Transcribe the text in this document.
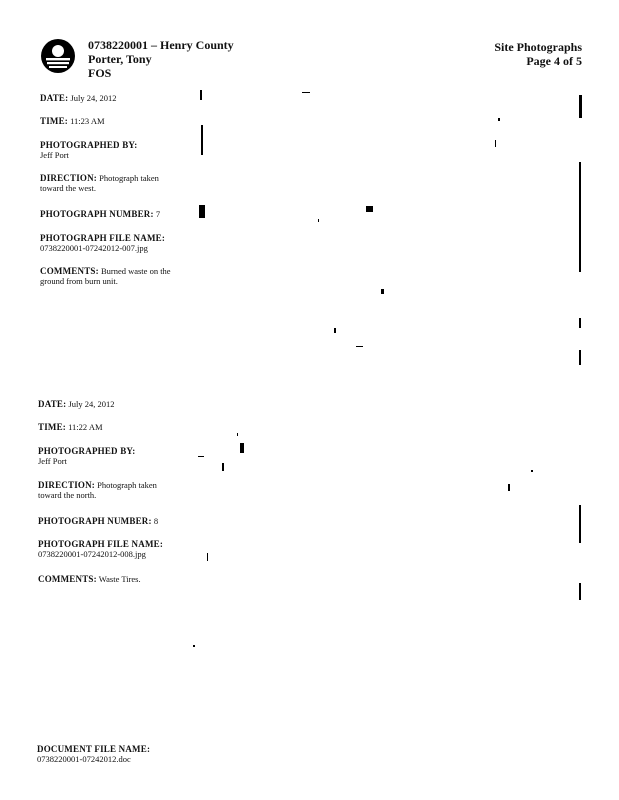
0738220001 – Henry County
Porter, Tony
FOS
Site Photographs
Page 4 of 5
DATE: July 24, 2012
TIME: 11:23 AM
PHOTOGRAPHED BY:
Jeff Port
DIRECTION: Photograph taken toward the west.
PHOTOGRAPH NUMBER: 7
PHOTOGRAPH FILE NAME:
0738220001-07242012-007.jpg
COMMENTS: Burned waste on the ground from burn unit.
DATE: July 24, 2012
TIME: 11:22 AM
PHOTOGRAPHED BY:
Jeff Port
DIRECTION: Photograph taken toward the north.
PHOTOGRAPH NUMBER: 8
PHOTOGRAPH FILE NAME:
0738220001-07242012-008.jpg
COMMENTS: Waste Tires.
DOCUMENT FILE NAME:
0738220001-07242012.doc
